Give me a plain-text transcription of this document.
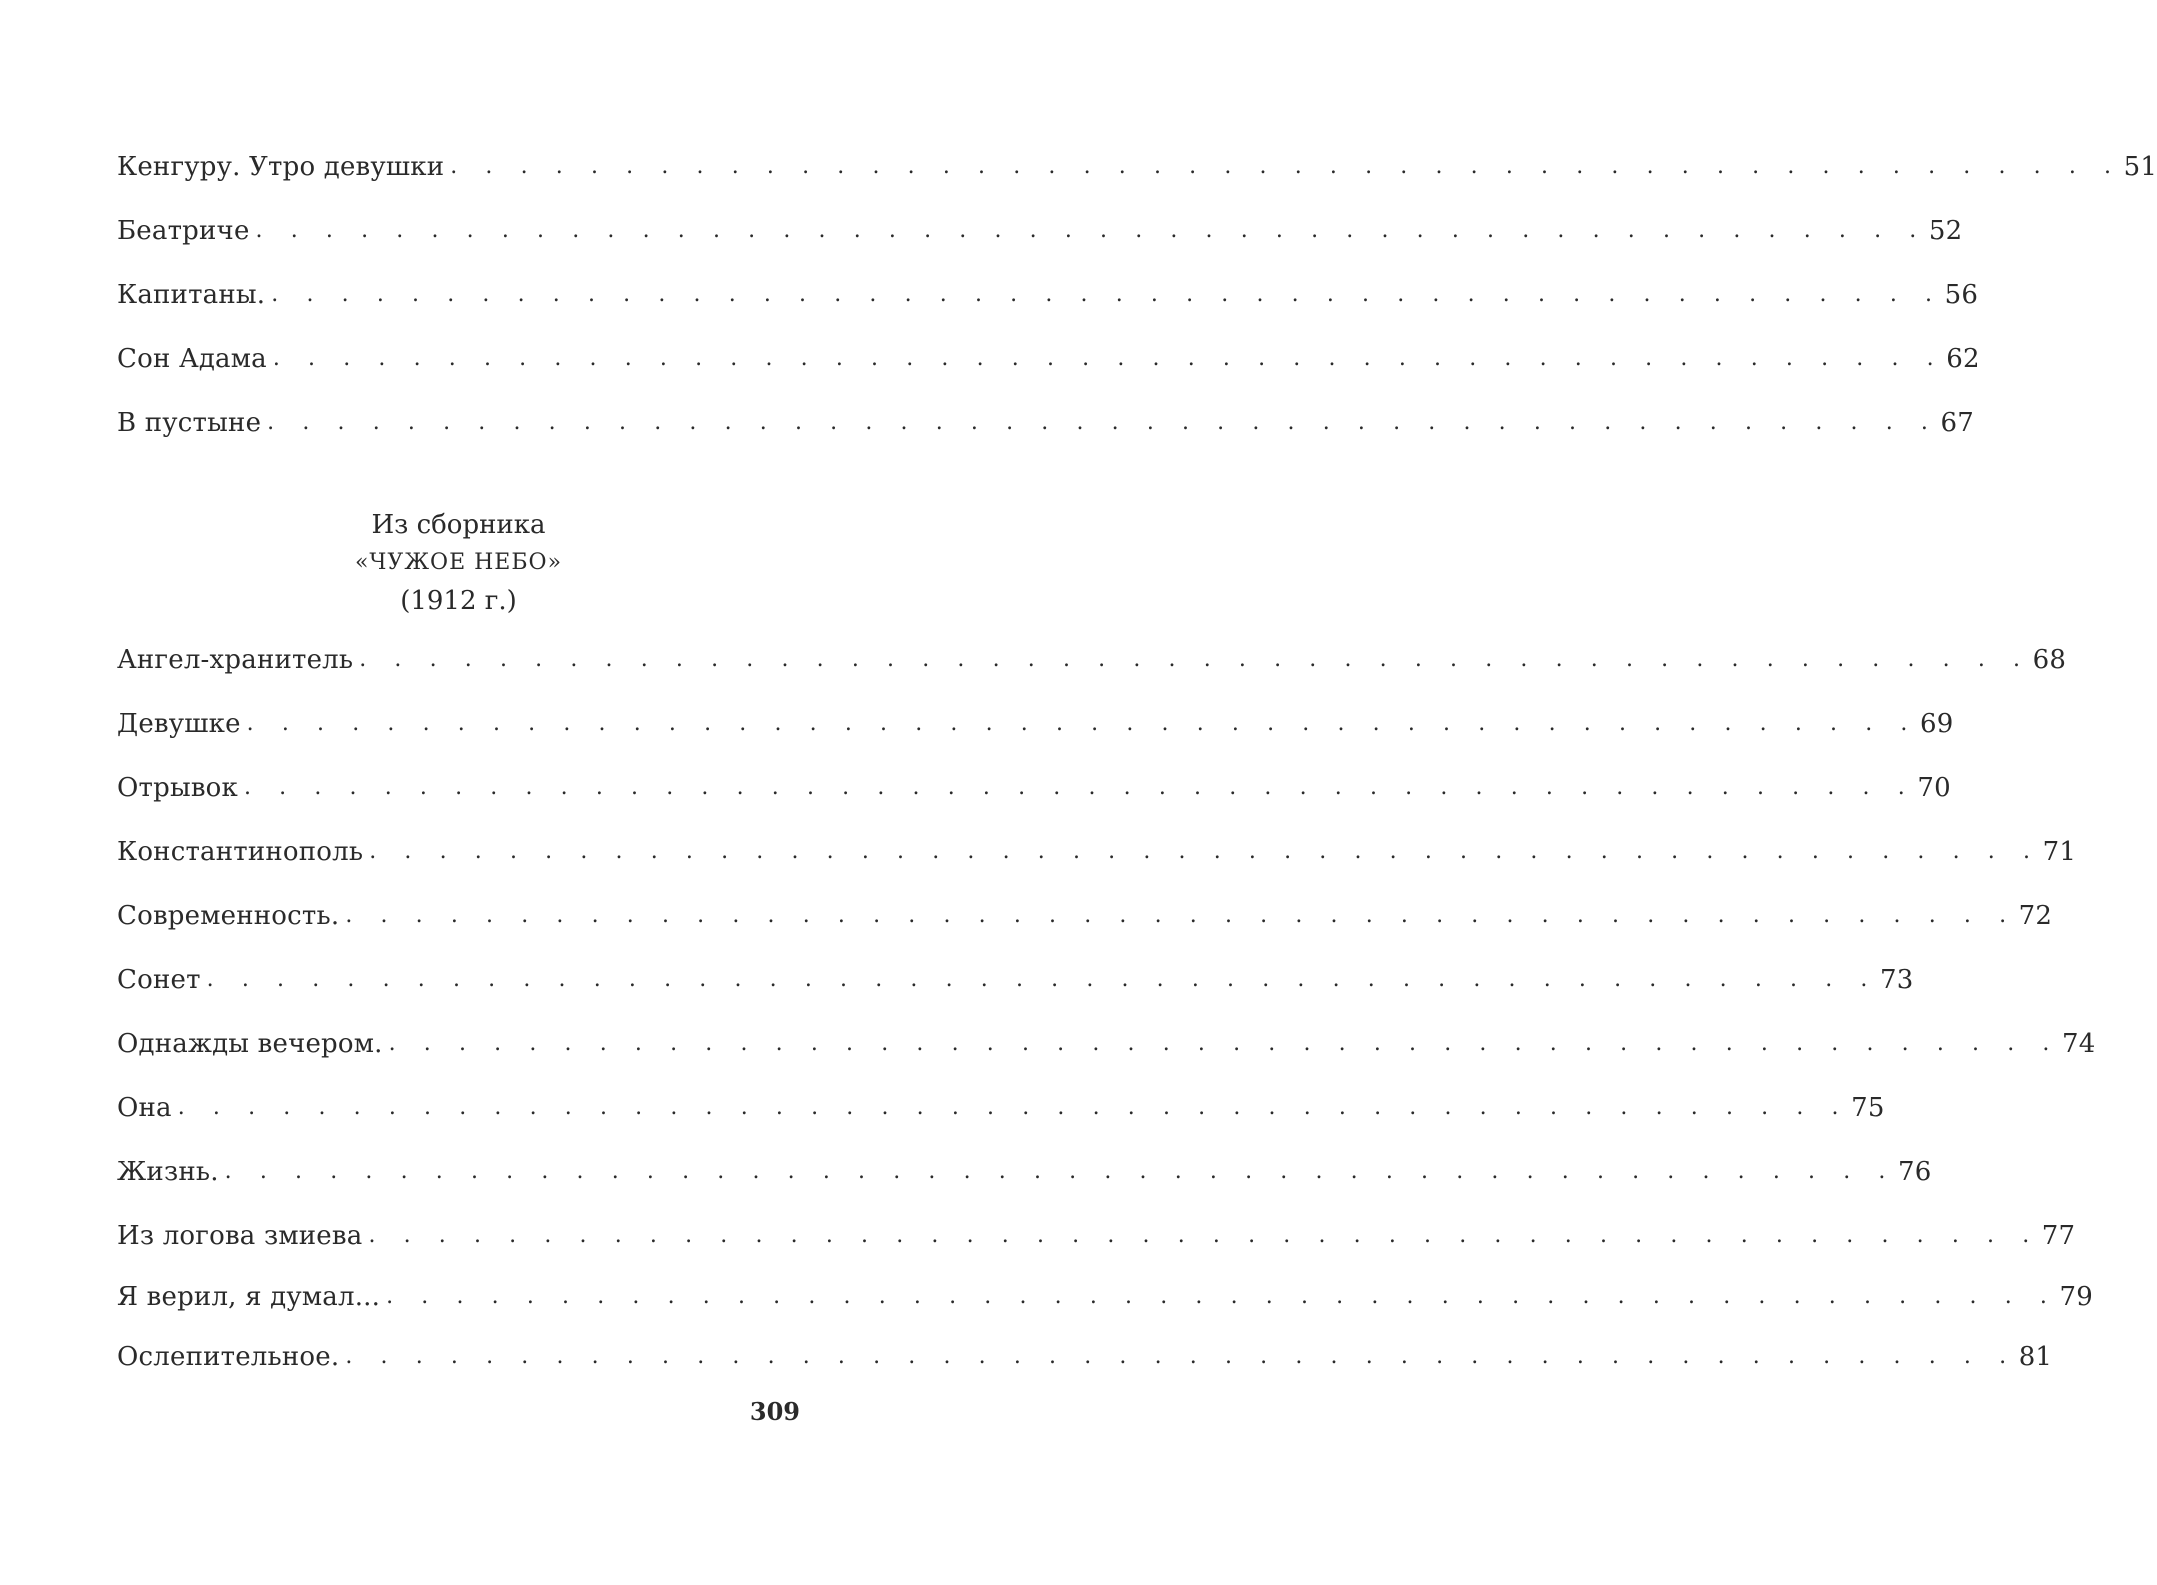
Кенгуру. Утро девушки . . . . . . . . . . . . . . . . . . . . . . . . . . . . . . . . . . . . . . . . . . . . . . . . 51
Беатриче . . . . . . . . . . . . . . . . . . . . . . . . . . . . . . . . . . . . . . . . . . . . . . . . 52
Капитаны. . . . . . . . . . . . . . . . . . . . . . . . . . . . . . . . . . . . . . . . . . . . . . . . . 56
Сон Адама . . . . . . . . . . . . . . . . . . . . . . . . . . . . . . . . . . . . . . . . . . . . . . . . 62
В пустыне . . . . . . . . . . . . . . . . . . . . . . . . . . . . . . . . . . . . . . . . . . . . . . . . 67
Из сборника
«ЧУЖОЕ НЕБО»
(1912 г.)
Ангел-хранитель . . . . . . . . . . . . . . . . . . . . . . . . . . . . . . . . . . . . . . . . . . . . . . . . 68
Девушке . . . . . . . . . . . . . . . . . . . . . . . . . . . . . . . . . . . . . . . . . . . . . . . . 69
Отрывок . . . . . . . . . . . . . . . . . . . . . . . . . . . . . . . . . . . . . . . . . . . . . . . . 70
Константинополь . . . . . . . . . . . . . . . . . . . . . . . . . . . . . . . . . . . . . . . . . . . . . . . . 71
Современность. . . . . . . . . . . . . . . . . . . . . . . . . . . . . . . . . . . . . . . . . . . . . . . . . 72
Сонет . . . . . . . . . . . . . . . . . . . . . . . . . . . . . . . . . . . . . . . . . . . . . . . . 73
Однажды вечером. . . . . . . . . . . . . . . . . . . . . . . . . . . . . . . . . . . . . . . . . . . . . . . . . 74
Она . . . . . . . . . . . . . . . . . . . . . . . . . . . . . . . . . . . . . . . . . . . . . . . . 75
Жизнь. . . . . . . . . . . . . . . . . . . . . . . . . . . . . . . . . . . . . . . . . . . . . . . . . 76
Из логова змиева . . . . . . . . . . . . . . . . . . . . . . . . . . . . . . . . . . . . . . . . . . . . . . . . 77
Я верил, я думал... . . . . . . . . . . . . . . . . . . . . . . . . . . . . . . . . . . . . . . . . . . . . . . . . 79
Ослепительное. . . . . . . . . . . . . . . . . . . . . . . . . . . . . . . . . . . . . . . . . . . . . . . . . 81
309
